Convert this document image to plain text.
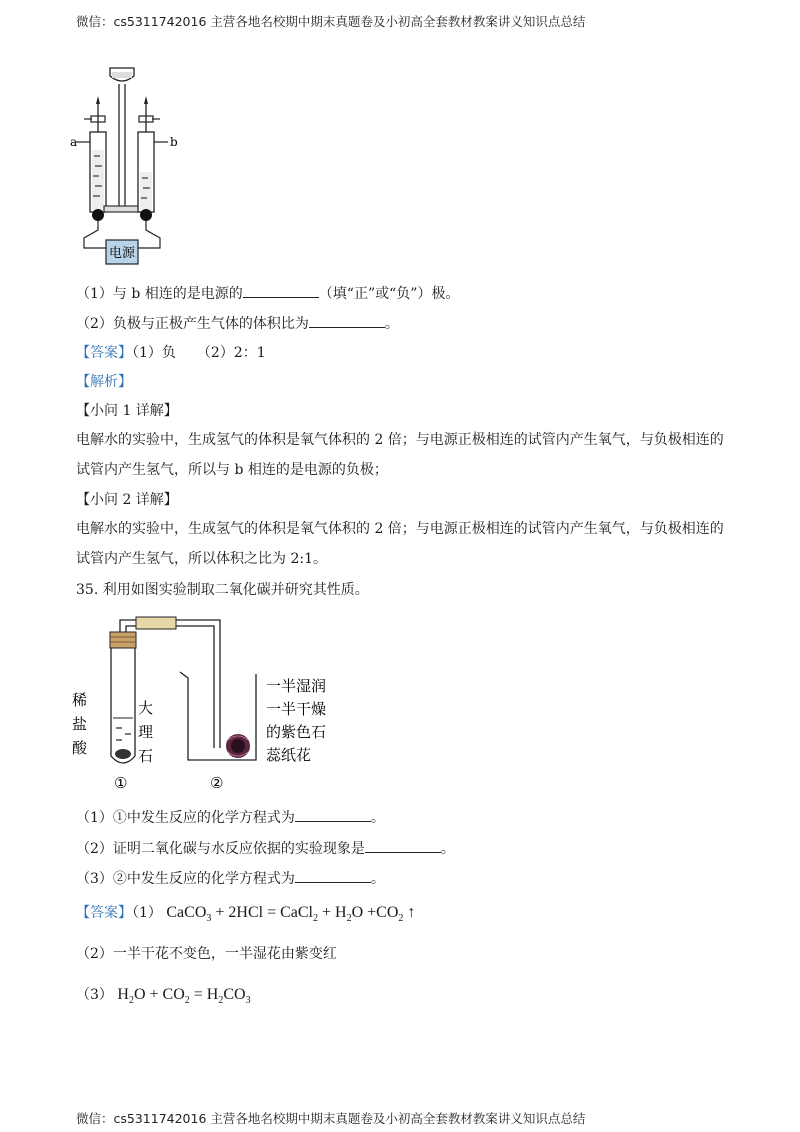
微信：cs5311742016 主营各地名校期中期末真题卷及小初高全套教材教案讲义知识点总结
a	b
电源
（1）与 b 相连的是电源的	（填“正”或“负”）极。
（2）负极与正极产生气体的体积比为	。
【答案】（1）负　　（2）2：1
【解析】
【小问 1 详解】
电解水的实验中，生成氢气的体积是氧气体积的 2 倍；与电源正极相连的试管内产生氧气，与负极相连的
试管内产生氢气，所以与 b 相连的是电源的负极；
【小问 2 详解】
电解水的实验中，生成氢气的体积是氧气体积的 2 倍；与电源正极相连的试管内产生氧气，与负极相连的
试管内产生氢气，所以体积之比为 2:1。
35. 利用如图实验制取二氧化碳并研究其性质。
稀
盐
酸
大
理
石
①	②
一半湿润
一半干燥
的紫色石
蕊纸花
（1）①中发生反应的化学方程式为	。
（2）证明二氧化碳与水反应依据的实验现象是	。
（3）②中发生反应的化学方程式为	。
【答案】（1） CaCO$_3$ + 2HCl = CaCl$_2$ + $H_2O +CO_2$ ↑
（2）一半干花不变色，一半湿花由紫变红
（3） $H_2O + CO_2 = H_2CO_3$
微信：cs5311742016 主营各地名校期中期末真题卷及小初高全套教材教案讲义知识点总结
